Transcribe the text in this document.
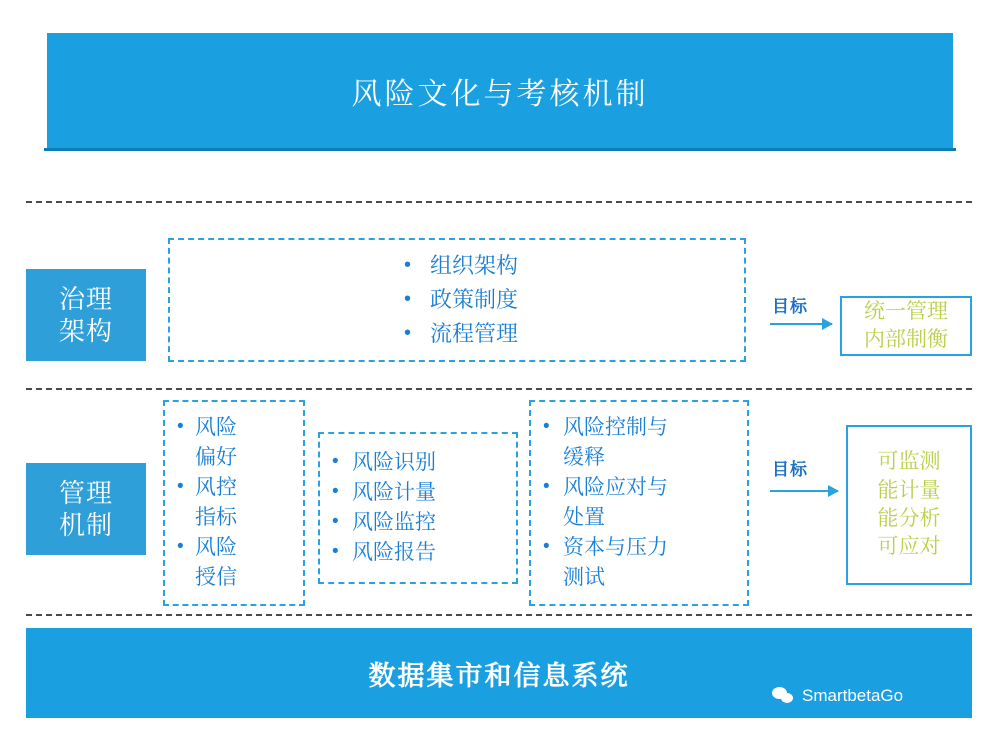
风险文化与考核机制
治理
架构
• 组织架构
• 政策制度
• 流程管理
目标	统一管理
内部制衡
管理
机制
• 风险
偏好
• 风控
指标
• 风险
授信
• 风险识别
• 风险计量
• 风险监控
• 风险报告
• 风险控制与
缓释
• 风险应对与
处置
• 资本与压力
测试
目标	可监测
能计量
能分析
可应对
数据集市和信息系统
SmartbetaGo
